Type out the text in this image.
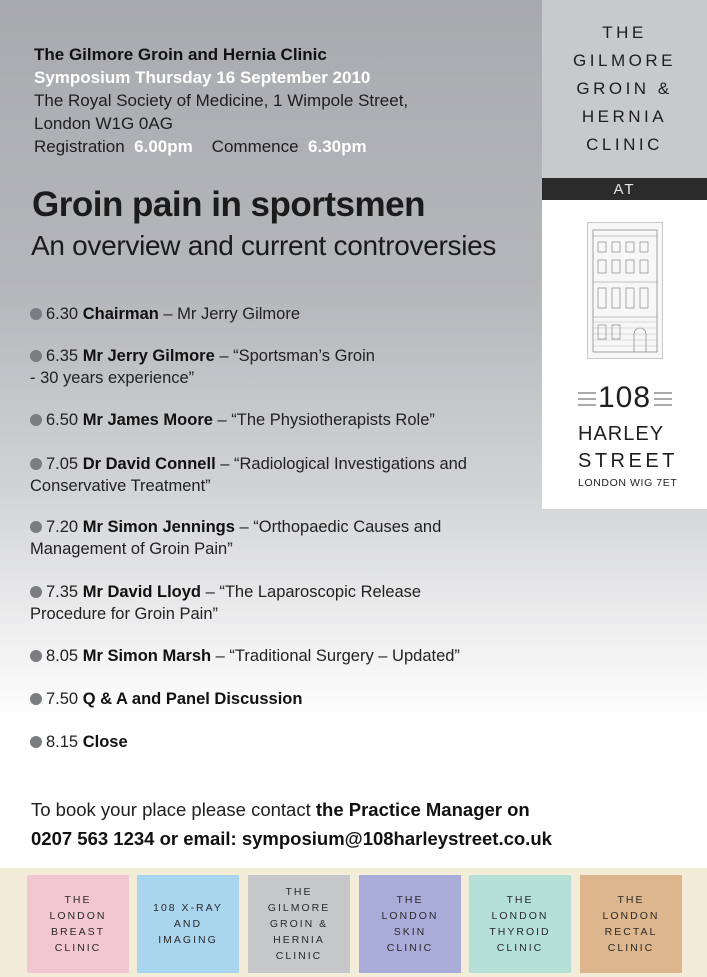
The Gilmore Groin and Hernia Clinic
Symposium Thursday 16 September 2010
The Royal Society of Medicine, 1 Wimpole Street,
London W1G 0AG
Registration 6.00pm Commence 6.30pm
Groin pain in sportsmen
An overview and current controversies
6.30 Chairman – Mr Jerry Gilmore
6.35 Mr Jerry Gilmore – “Sportsman’s Groin
- 30 years experience”
6.50 Mr James Moore – “The Physiotherapists Role”
7.05 Dr David Connell – “Radiological Investigations and
Conservative Treatment”
7.20 Mr Simon Jennings – “Orthopaedic Causes and
Management of Groin Pain”
7.35 Mr David Lloyd – “The Laparoscopic Release
Procedure for Groin Pain”
8.05 Mr Simon Marsh – “Traditional Surgery – Updated”
7.50 Q & A and Panel Discussion
8.15 Close
To book your place please contact the Practice Manager on
0207 563 1234 or email: symposium@108harleystreet.co.uk
THE
GILMORE
GROIN &
HERNIA
CLINIC
AT
108
HARLEY
STREET
LONDON WIG 7ET
THE
LONDON
BREAST
CLINIC
108 X-RAY
AND
IMAGING
THE
GILMORE
GROIN &
HERNIA
CLINIC
THE
LONDON
SKIN
CLINIC
THE
LONDON
THYROID
CLINIC
THE
LONDON
RECTAL
CLINIC
